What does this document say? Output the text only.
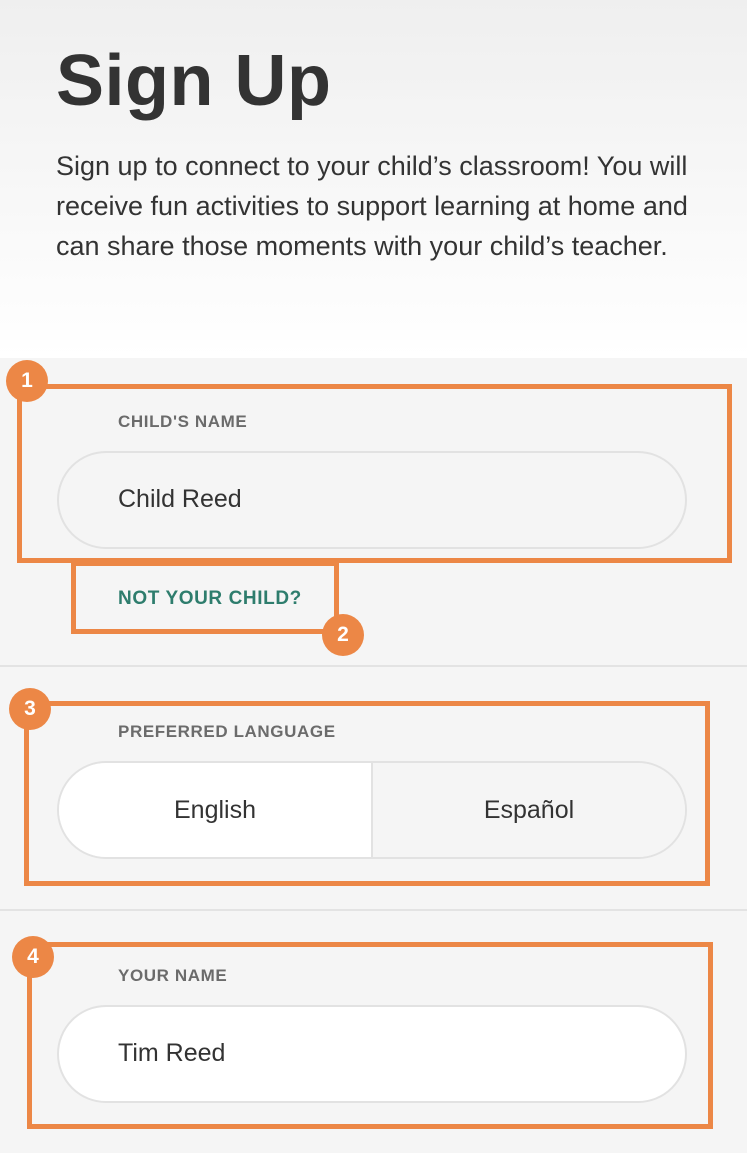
Sign Up

Sign up to connect to your child’s classroom! You will receive fun activities to support learning at home and can share those moments with your child’s teacher.

CHILD'S NAME
Child Reed
NOT YOUR CHILD?
PREFERRED LANGUAGE
English	Español
YOUR NAME
Tim Reed
1
2
3
4
